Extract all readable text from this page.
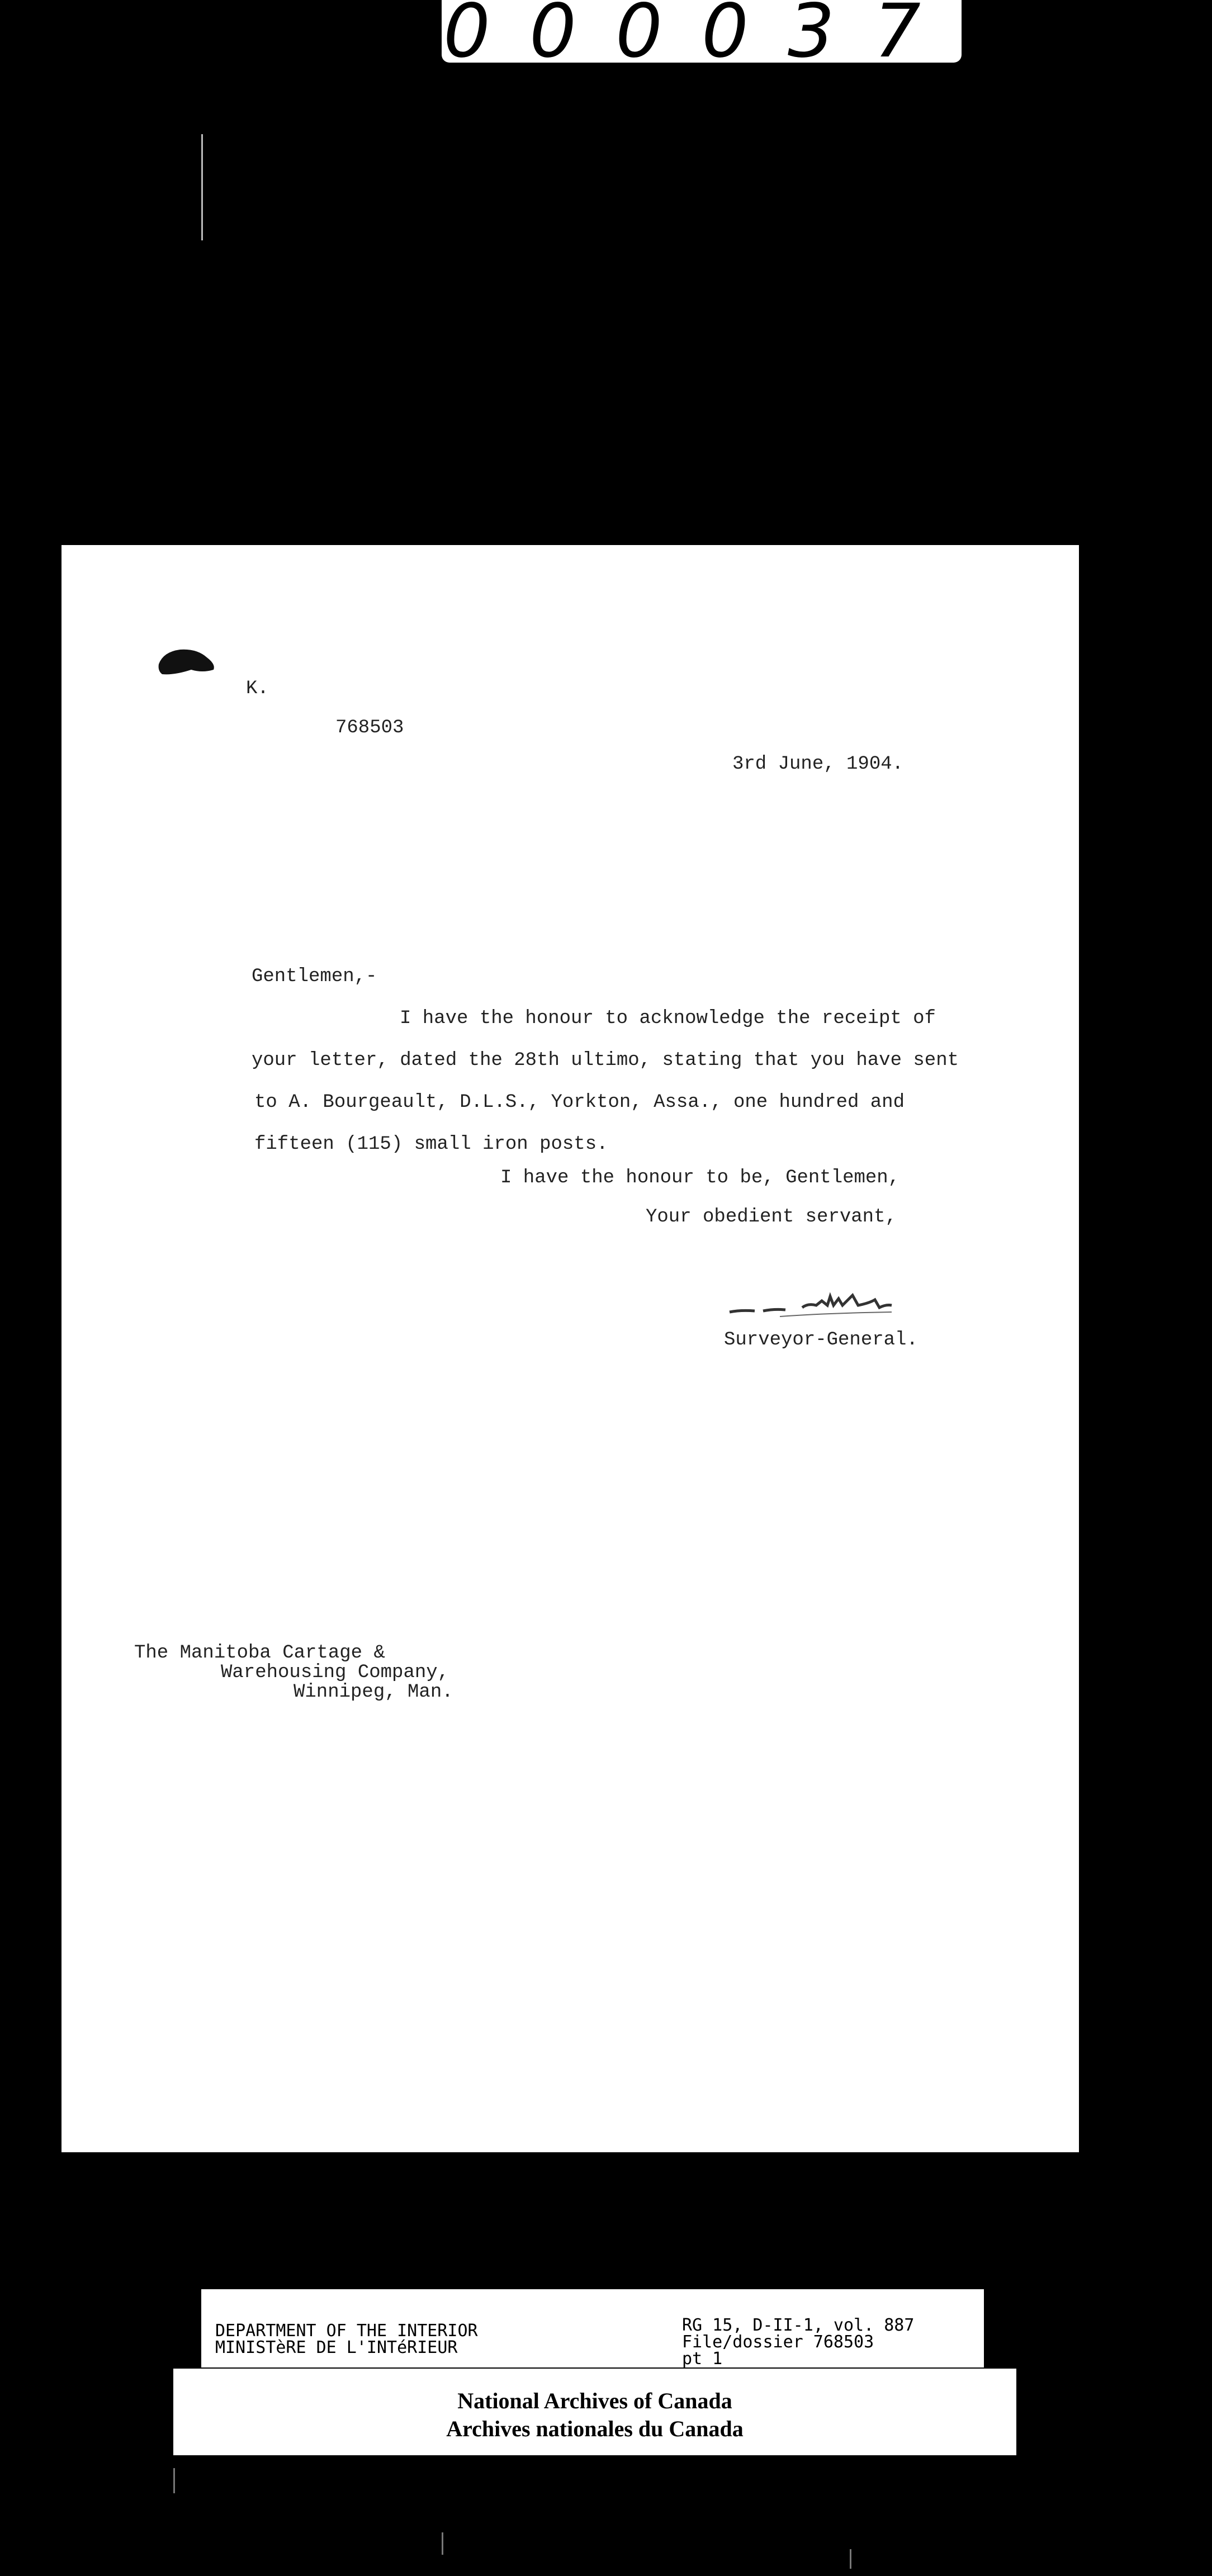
000037
K.
768503
3rd June, 1904.
Gentlemen,-
I have the honour to acknowledge the receipt of
your letter, dated the 28th ultimo, stating that you have sent
to A. Bourgeault, D.L.S., Yorkton, Assa., one hundred and
fifteen (115) small iron posts.
I have the honour to be, Gentlemen,
Your obedient servant,
Surveyor-General.
The Manitoba Cartage &
Warehousing Company,
Winnipeg, Man.
DEPARTMENT OF THE INTERIOR
MINISTèRE DE L'INTéRIEUR
RG 15, D-II-1, vol. 887
File/dossier 768503
pt 1
National Archives of Canada
Archives nationales du Canada
